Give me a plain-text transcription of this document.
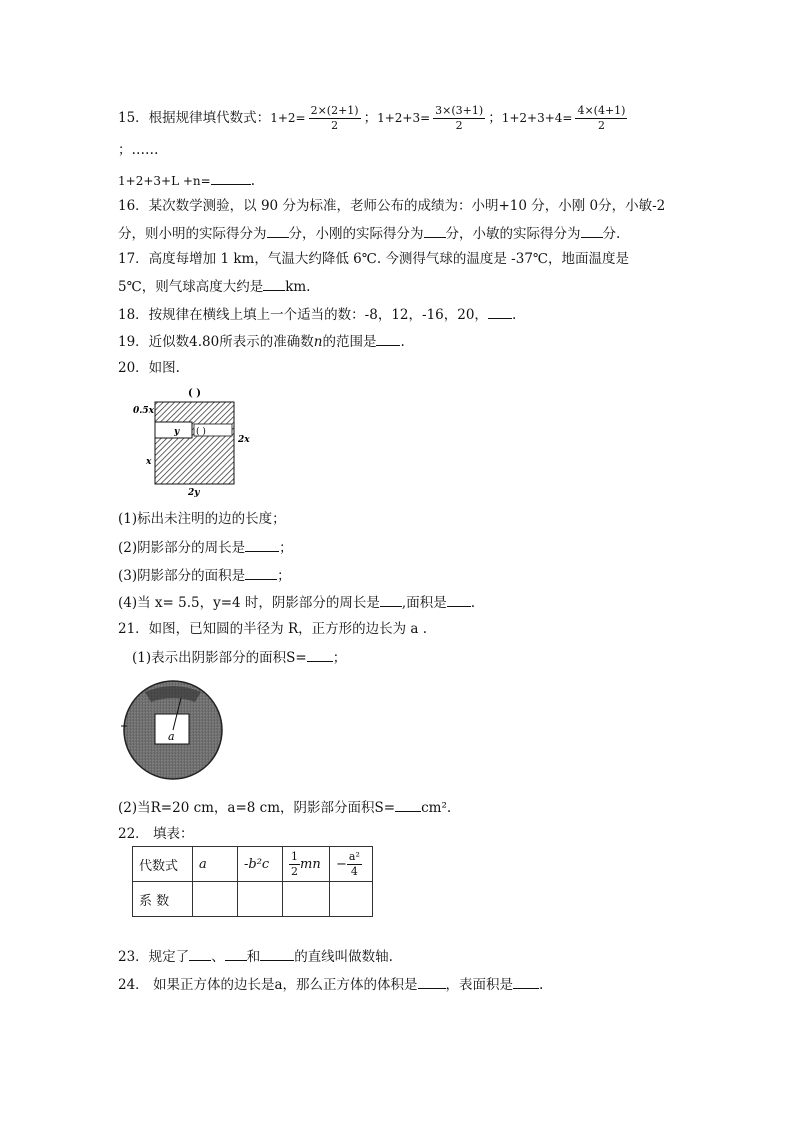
15．根据规律填代数式：$1+2= \frac{2\times(2+1)}{2}$ ；$1+2+3= \frac{3\times(3+1)}{2}$ ；$1+2+3+4= \frac{4\times(4+1)}{2}$
；……
1+2+3+L +n=	.
16．某次数学测验，以 90 分为标准，老师公布的成绩为：小明+10 分，小刚 0分，小敏-2
分，则小明的实际得分为 分，小刚的实际得分为 分，小敏的实际得分为 分.
17．高度每增加 1 km，气温大约降低 6℃. 今测得气球的温度是 -37℃，地面温度是
5℃，则气球高度大约是 km.
18．按规律在横线上填上一个适当的数：-8，12，-16，20， .
19．近似数4.80所表示的准确数n的范围是 .
20．如图.
( )
0.5x
y ( )
2x
x
2y
(1)标出未注明的边的长度；
(2)阴影部分的周长是	；
(3)阴影部分的面积是 ；
(4)当 x= 5.5，y=4 时，阴影部分的周长是 ,面积是 .
21．如图，已知圆的半径为 R，正方形的边长为 a .
(1)表示出阴影部分的面积S= ；
a
(2)当R=20 cm，a=8 cm，阴影部分面积S= cm².
22． 填表：
代数式	a	-b²c	$\frac{1}{2}$ mn	− $\frac{\text{a²}}{4}$

系 数				
23．规定了 、 和	的直线叫做数轴.
24． 如果正方体的边长是a，那么正方体的体积是 ，表面积是 .
